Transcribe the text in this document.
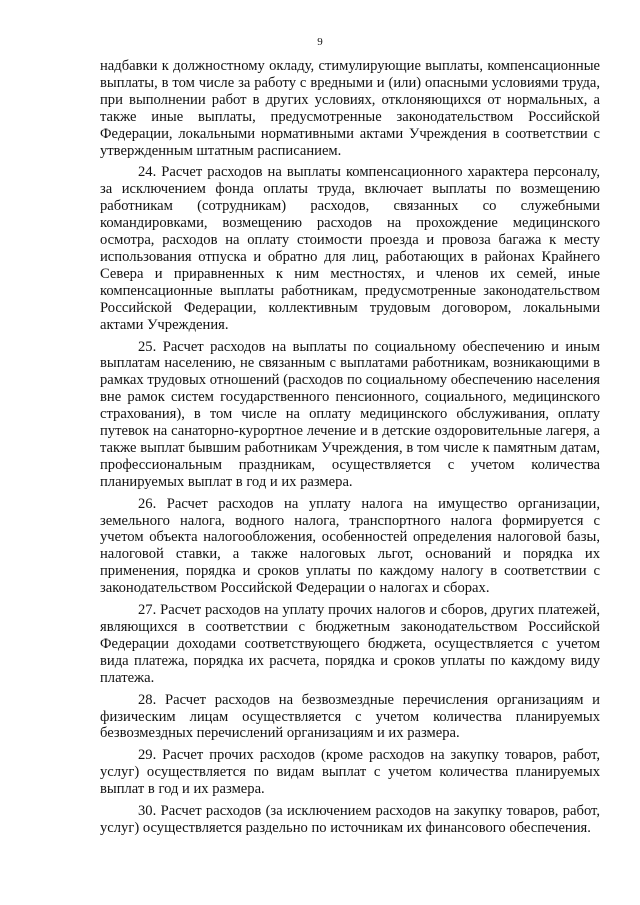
9

надбавки к должностному окладу, стимулирующие выплаты, компенсационные выплаты, в том числе за работу с вредными и (или) опасными условиями труда, при выполнении работ в других условиях, отклоняющихся от нормальных, а также иные выплаты, предусмотренные законодательством Российской Федерации, локальными нормативными актами Учреждения в соответствии с утвержденным штатным расписанием.

24. Расчет расходов на выплаты компенсационного характера персоналу, за исключением фонда оплаты труда, включает выплаты по возмещению работникам (сотрудникам) расходов, связанных со служебными командировками, возмещению расходов на прохождение медицинского осмотра, расходов на оплату стоимости проезда и провоза багажа к месту использования отпуска и обратно для лиц, работающих в районах Крайнего Севера и приравненных к ним местностях, и членов их семей, иные компенсационные выплаты работникам, предусмотренные законодательством Российской Федерации, коллективным трудовым договором, локальными актами Учреждения.

25. Расчет расходов на выплаты по социальному обеспечению и иным выплатам населению, не связанным с выплатами работникам, возникающими в рамках трудовых отношений (расходов по социальному обеспечению населения вне рамок систем государственного пенсионного, социального, медицинского страхования), в том числе на оплату медицинского обслуживания, оплату путевок на санаторно-курортное лечение и в детские оздоровительные лагеря, а также выплат бывшим работникам Учреждения, в том числе к памятным датам, профессиональным праздникам, осуществляется с учетом количества планируемых выплат в год и их размера.

26. Расчет расходов на уплату налога на имущество организации, земельного налога, водного налога, транспортного налога формируется с учетом объекта налогообложения, особенностей определения налоговой базы, налоговой ставки, а также налоговых льгот, оснований и порядка их применения, порядка и сроков уплаты по каждому налогу в соответствии с законодательством Российской Федерации о налогах и сборах.

27. Расчет расходов на уплату прочих налогов и сборов, других платежей, являющихся в соответствии с бюджетным законодательством Российской Федерации доходами соответствующего бюджета, осуществляется с учетом вида платежа, порядка их расчета, порядка и сроков уплаты по каждому виду платежа.

28. Расчет расходов на безвозмездные перечисления организациям и физическим лицам осуществляется с учетом количества планируемых безвозмездных перечислений организациям и их размера.

29. Расчет прочих расходов (кроме расходов на закупку товаров, работ, услуг) осуществляется по видам выплат с учетом количества планируемых выплат в год и их размера.

30. Расчет расходов (за исключением расходов на закупку товаров, работ, услуг) осуществляется раздельно по источникам их финансового обеспечения.
